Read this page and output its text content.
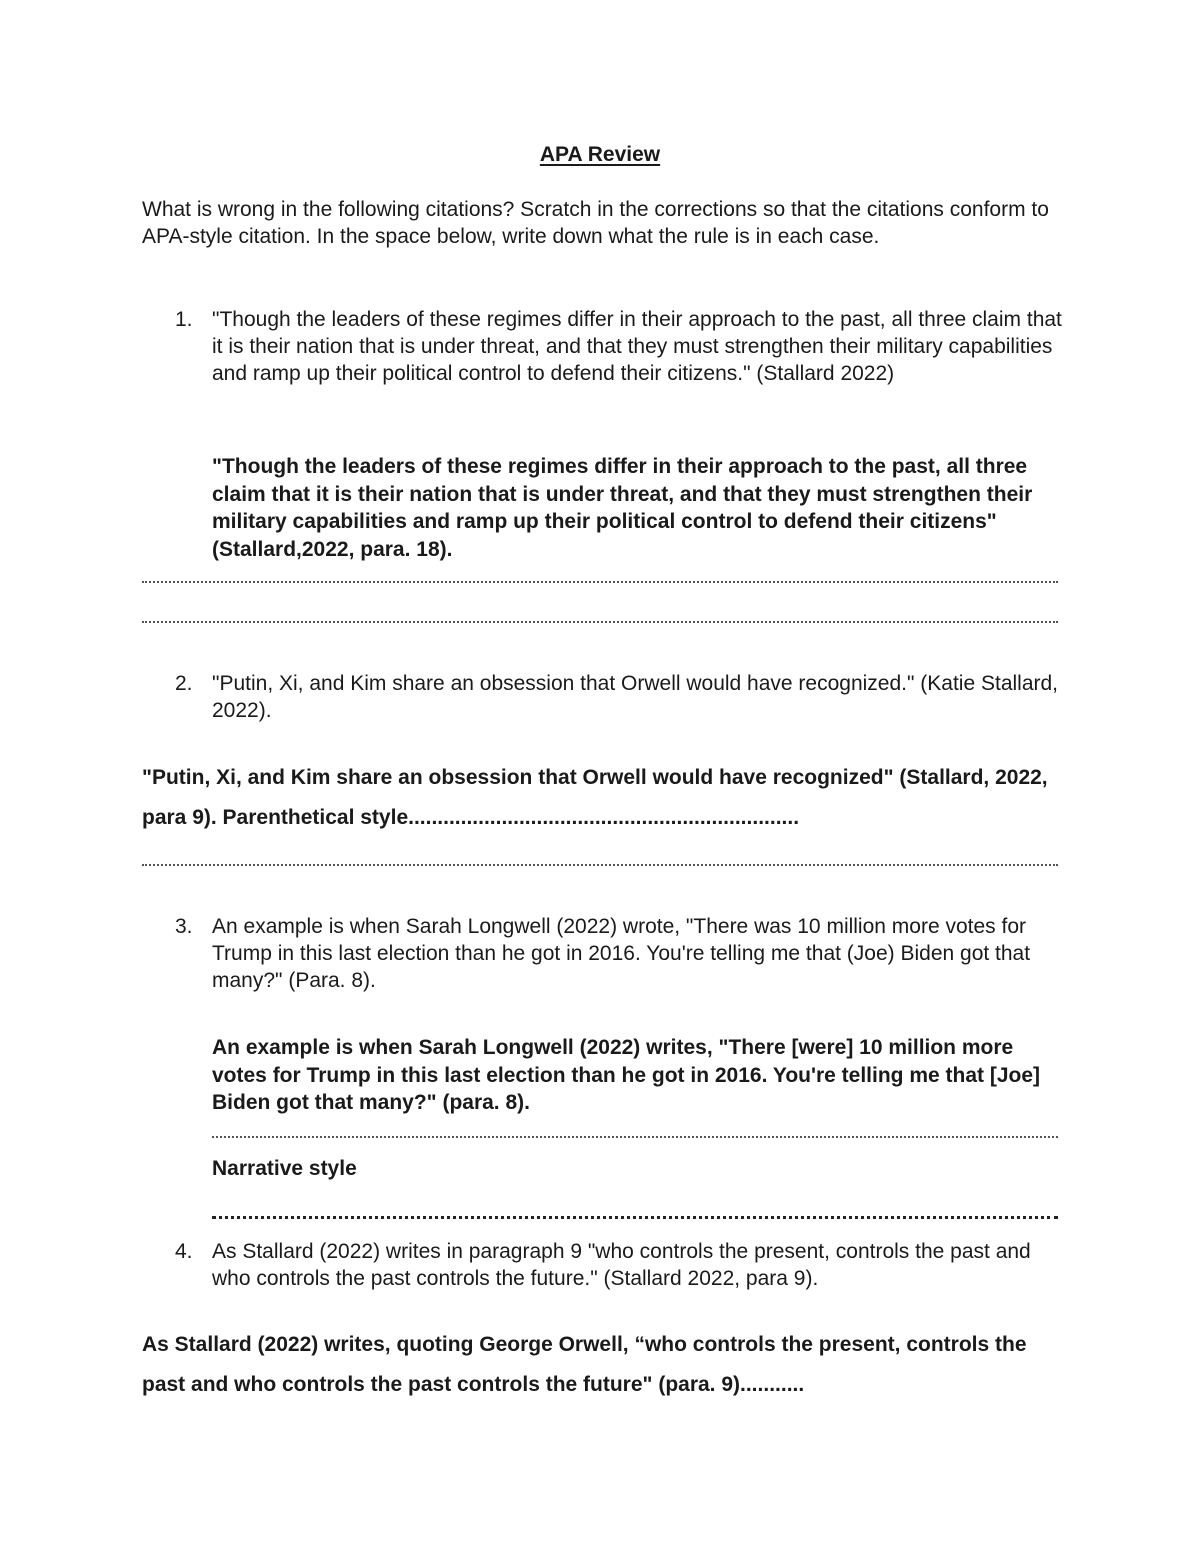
APA Review

What is wrong in the following citations? Scratch in the corrections so that the citations conform to APA-style citation. In the space below, write down what the rule is in each case.

1. "Though the leaders of these regimes differ in their approach to the past, all three claim that it is their nation that is under threat, and that they must strengthen their military capabilities and ramp up their political control to defend their citizens." (Stallard 2022)

"Though the leaders of these regimes differ in their approach to the past, all three claim that it is their nation that is under threat, and that they must strengthen their military capabilities and ramp up their political control to defend their citizens" (Stallard,2022, para. 18).

2. "Putin, Xi, and Kim share an obsession that Orwell would have recognized." (Katie Stallard, 2022).

"Putin, Xi, and Kim share an obsession that Orwell would have recognized" (Stallard, 2022, para 9). Parenthetical style...................................................................

3. An example is when Sarah Longwell (2022) wrote, "There was 10 million more votes for Trump in this last election than he got in 2016. You're telling me that (Joe) Biden got that many?" (Para. 8).

An example is when Sarah Longwell (2022) writes, "There [were] 10 million more votes for Trump in this last election than he got in 2016. You're telling me that [Joe] Biden got that many?" (para. 8).

Narrative style
4. As Stallard (2022) writes in paragraph 9 "who controls the present, controls the past and who controls the past controls the future." (Stallard 2022, para 9).

As Stallard (2022) writes, quoting George Orwell, “who controls the present, controls the past and who controls the past controls the future" (para. 9)...........
